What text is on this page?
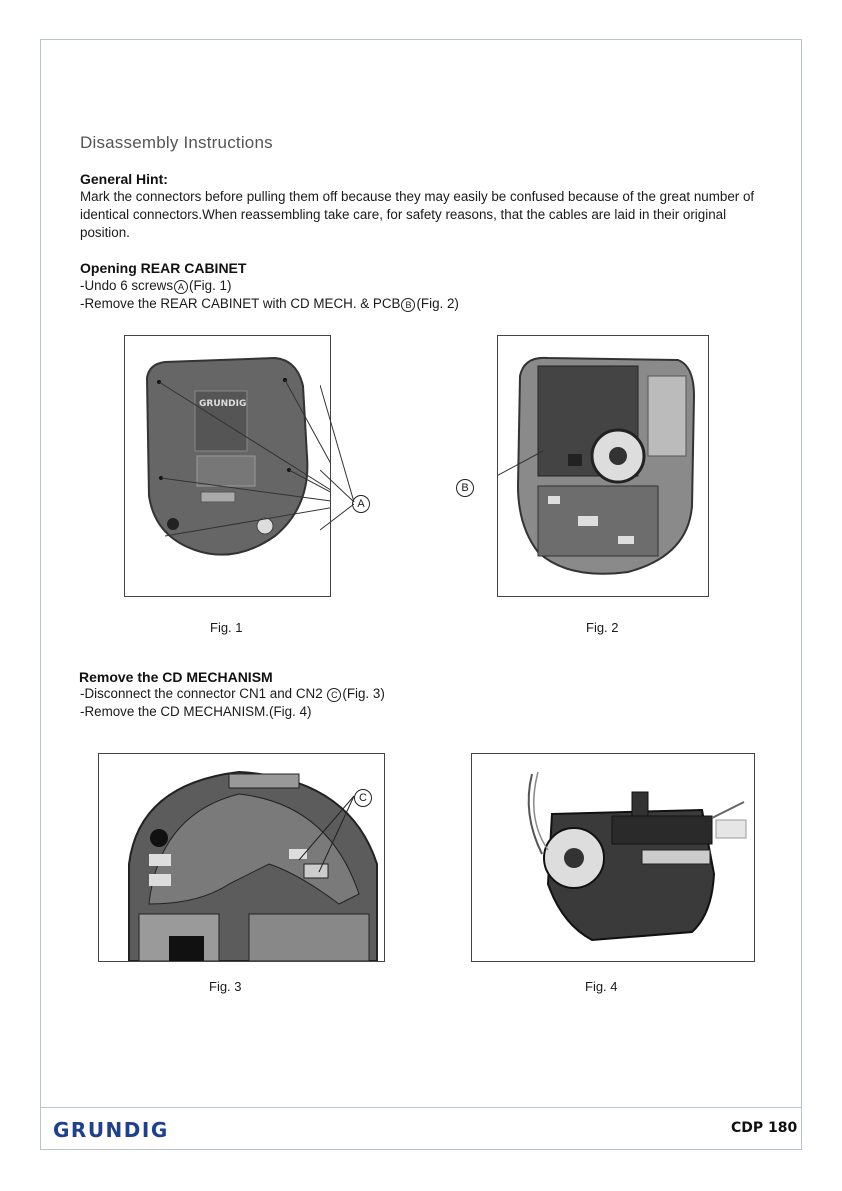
Disassembly Instructions
General Hint:
Mark the connectors before pulling them off because they may easily be confused because of the great number of identical connectors.When reassembling take care, for safety reasons, that the cables are laid in their original position.
Opening REAR CABINET
-Undo 6 screws A (Fig. 1)
-Remove the REAR CABINET with CD MECH. & PCB B (Fig. 2)
GRUNDIG
A
Fig. 1
B
Fig. 2
Remove the CD MECHANISM
-Disconnect the connector CN1 and CN2 C (Fig. 3)
-Remove the CD MECHANISM.(Fig. 4)
C
Fig. 3	Fig. 4
GRUNDIG	CDP 180
